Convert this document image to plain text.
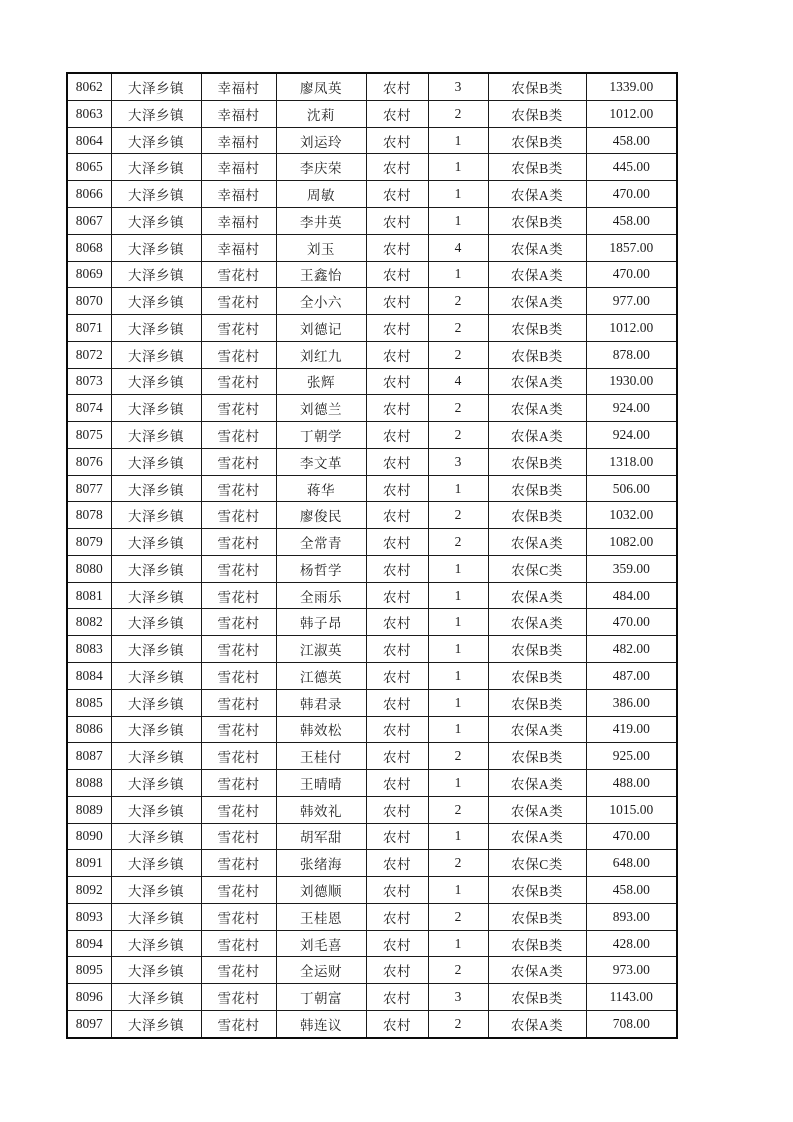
8062	大泽乡镇	幸福村	廖凤英	农村	3	农保B类	1339.00
8063	大泽乡镇	幸福村	沈莉	农村	2	农保B类	1012.00
8064	大泽乡镇	幸福村	刘运玲	农村	1	农保B类	458.00
8065	大泽乡镇	幸福村	李庆荣	农村	1	农保B类	445.00
8066	大泽乡镇	幸福村	周敏	农村	1	农保A类	470.00
8067	大泽乡镇	幸福村	李井英	农村	1	农保B类	458.00
8068	大泽乡镇	幸福村	刘玉	农村	4	农保A类	1857.00
8069	大泽乡镇	雪花村	王鑫怡	农村	1	农保A类	470.00
8070	大泽乡镇	雪花村	全小六	农村	2	农保A类	977.00
8071	大泽乡镇	雪花村	刘德记	农村	2	农保B类	1012.00
8072	大泽乡镇	雪花村	刘红九	农村	2	农保B类	878.00
8073	大泽乡镇	雪花村	张辉	农村	4	农保A类	1930.00
8074	大泽乡镇	雪花村	刘德兰	农村	2	农保A类	924.00
8075	大泽乡镇	雪花村	丁朝学	农村	2	农保A类	924.00
8076	大泽乡镇	雪花村	李文革	农村	3	农保B类	1318.00
8077	大泽乡镇	雪花村	蒋华	农村	1	农保B类	506.00
8078	大泽乡镇	雪花村	廖俊民	农村	2	农保B类	1032.00
8079	大泽乡镇	雪花村	全常青	农村	2	农保A类	1082.00
8080	大泽乡镇	雪花村	杨哲学	农村	1	农保C类	359.00
8081	大泽乡镇	雪花村	全雨乐	农村	1	农保A类	484.00
8082	大泽乡镇	雪花村	韩子昂	农村	1	农保A类	470.00
8083	大泽乡镇	雪花村	江淑英	农村	1	农保B类	482.00
8084	大泽乡镇	雪花村	江德英	农村	1	农保B类	487.00
8085	大泽乡镇	雪花村	韩君录	农村	1	农保B类	386.00
8086	大泽乡镇	雪花村	韩效松	农村	1	农保A类	419.00
8087	大泽乡镇	雪花村	王桂付	农村	2	农保B类	925.00
8088	大泽乡镇	雪花村	王晴晴	农村	1	农保A类	488.00
8089	大泽乡镇	雪花村	韩效礼	农村	2	农保A类	1015.00
8090	大泽乡镇	雪花村	胡军甜	农村	1	农保A类	470.00
8091	大泽乡镇	雪花村	张绪海	农村	2	农保C类	648.00
8092	大泽乡镇	雪花村	刘德顺	农村	1	农保B类	458.00
8093	大泽乡镇	雪花村	王桂恩	农村	2	农保B类	893.00
8094	大泽乡镇	雪花村	刘毛喜	农村	1	农保B类	428.00
8095	大泽乡镇	雪花村	全运财	农村	2	农保A类	973.00
8096	大泽乡镇	雪花村	丁朝富	农村	3	农保B类	1143.00
8097	大泽乡镇	雪花村	韩连议	农村	2	农保A类	708.00
